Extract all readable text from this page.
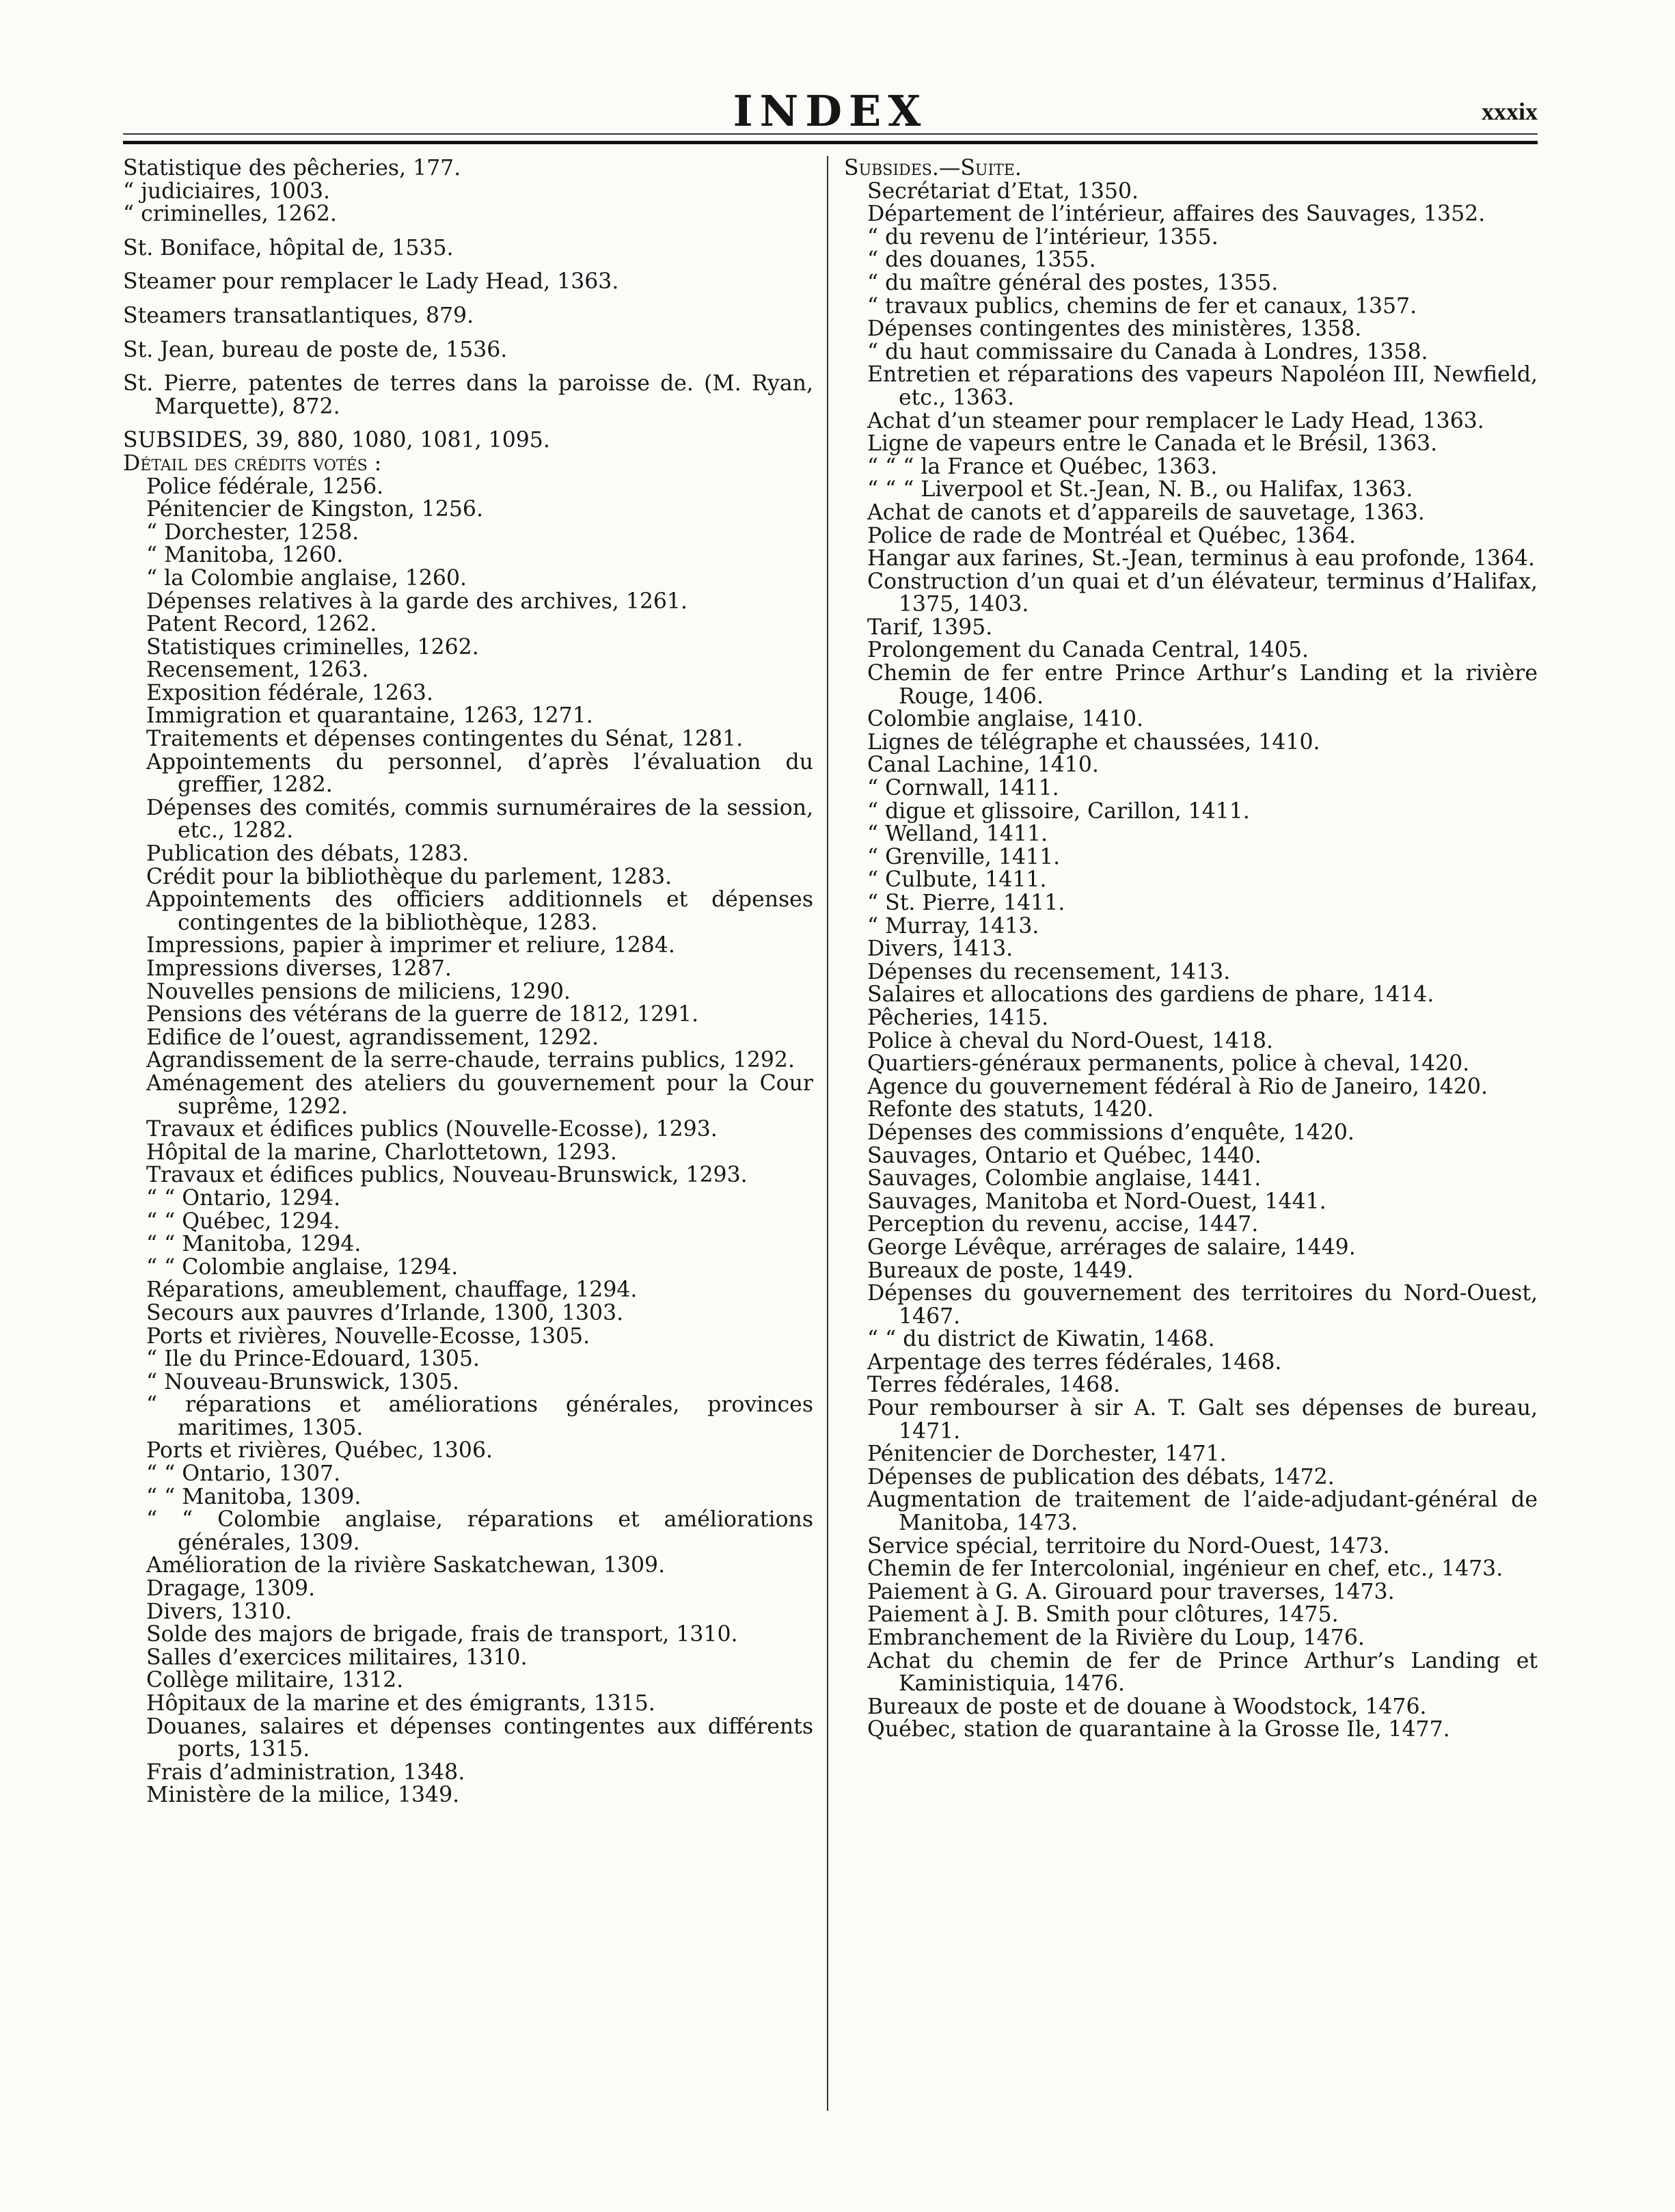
INDEX	xxxix

Statistique des pêcheries, 177.

“ judiciaires, 1003.

“ criminelles, 1262.

St. Boniface, hôpital de, 1535.

Steamer pour remplacer le Lady Head, 1363.

Steamers transatlantiques, 879.

St. Jean, bureau de poste de, 1536.

St. Pierre, patentes de terres dans la paroisse de. (M. Ryan, Marquette), 872.

SUBSIDES, 39, 880, 1080, 1081, 1095.

Détail des crédits votés :

Police fédérale, 1256.

Pénitencier de Kingston, 1256.

“ Dorchester, 1258.

“ Manitoba, 1260.

“ la Colombie anglaise, 1260.

Dépenses relatives à la garde des archives, 1261.

Patent Record, 1262.

Statistiques criminelles, 1262.

Recensement, 1263.

Exposition fédérale, 1263.

Immigration et quarantaine, 1263, 1271.

Traitements et dépenses contingentes du Sénat, 1281.

Appointements du personnel, d’après l’évaluation du greffier, 1282.

Dépenses des comités, commis surnuméraires de la session, etc., 1282.

Publication des débats, 1283.

Crédit pour la bibliothèque du parlement, 1283.

Appointements des officiers additionnels et dépenses contingentes de la bibliothèque, 1283.

Impressions, papier à imprimer et reliure, 1284.

Impressions diverses, 1287.

Nouvelles pensions de miliciens, 1290.

Pensions des vétérans de la guerre de 1812, 1291.

Edifice de l’ouest, agrandissement, 1292.

Agrandissement de la serre-chaude, terrains publics, 1292.

Aménagement des ateliers du gouvernement pour la Cour suprême, 1292.

Travaux et édifices publics (Nouvelle-Ecosse), 1293.

Hôpital de la marine, Charlottetown, 1293.

Travaux et édifices publics, Nouveau-Brunswick, 1293.

“ “ Ontario, 1294.

“ “ Québec, 1294.

“ “ Manitoba, 1294.

“ “ Colombie anglaise, 1294.

Réparations, ameublement, chauffage, 1294.

Secours aux pauvres d’Irlande, 1300, 1303.

Ports et rivières, Nouvelle-Ecosse, 1305.

“ Ile du Prince-Edouard, 1305.

“ Nouveau-Brunswick, 1305.

“ réparations et améliorations générales, provinces maritimes, 1305.

Ports et rivières, Québec, 1306.

“ “ Ontario, 1307.

“ “ Manitoba, 1309.

“ “ Colombie anglaise, réparations et améliorations générales, 1309.

Amélioration de la rivière Saskatchewan, 1309.

Dragage, 1309.

Divers, 1310.

Solde des majors de brigade, frais de transport, 1310.

Salles d’exercices militaires, 1310.

Collège militaire, 1312.

Hôpitaux de la marine et des émigrants, 1315.

Douanes, salaires et dépenses contingentes aux différents ports, 1315.

Frais d’administration, 1348.

Ministère de la milice, 1349.

Subsides.—Suite.

Secrétariat d’Etat, 1350.

Département de l’intérieur, affaires des Sauvages, 1352.

“ du revenu de l’intérieur, 1355.

“ des douanes, 1355.

“ du maître général des postes, 1355.

“ travaux publics, chemins de fer et canaux, 1357.

Dépenses contingentes des ministères, 1358.

“ du haut commissaire du Canada à Londres, 1358.

Entretien et réparations des vapeurs Napoléon III, Newfield, etc., 1363.

Achat d’un steamer pour remplacer le Lady Head, 1363.

Ligne de vapeurs entre le Canada et le Brésil, 1363.

“ “ “ la France et Québec, 1363.

“ “ “ Liverpool et St.-Jean, N. B., ou Halifax, 1363.

Achat de canots et d’appareils de sauvetage, 1363.

Police de rade de Montréal et Québec, 1364.

Hangar aux farines, St.-Jean, terminus à eau profonde, 1364.

Construction d’un quai et d’un élévateur, terminus d’Halifax, 1375, 1403.

Tarif, 1395.

Prolongement du Canada Central, 1405.

Chemin de fer entre Prince Arthur’s Landing et la rivière Rouge, 1406.

Colombie anglaise, 1410.

Lignes de télégraphe et chaussées, 1410.

Canal Lachine, 1410.

“ Cornwall, 1411.

“ digue et glissoire, Carillon, 1411.

“ Welland, 1411.

“ Grenville, 1411.

“ Culbute, 1411.

“ St. Pierre, 1411.

“ Murray, 1413.

Divers, 1413.

Dépenses du recensement, 1413.

Salaires et allocations des gardiens de phare, 1414.

Pêcheries, 1415.

Police à cheval du Nord-Ouest, 1418.

Quartiers-généraux permanents, police à cheval, 1420.

Agence du gouvernement fédéral à Rio de Janeiro, 1420.

Refonte des statuts, 1420.

Dépenses des commissions d’enquête, 1420.

Sauvages, Ontario et Québec, 1440.

Sauvages, Colombie anglaise, 1441.

Sauvages, Manitoba et Nord-Ouest, 1441.

Perception du revenu, accise, 1447.

George Lévêque, arrérages de salaire, 1449.

Bureaux de poste, 1449.

Dépenses du gouvernement des territoires du Nord-Ouest, 1467.

“ “ du district de Kiwatin, 1468.

Arpentage des terres fédérales, 1468.

Terres fédérales, 1468.

Pour rembourser à sir A. T. Galt ses dépenses de bureau, 1471.

Pénitencier de Dorchester, 1471.

Dépenses de publication des débats, 1472.

Augmentation de traitement de l’aide-adjudant-général de Manitoba, 1473.

Service spécial, territoire du Nord-Ouest, 1473.

Chemin de fer Intercolonial, ingénieur en chef, etc., 1473.

Paiement à G. A. Girouard pour traverses, 1473.

Paiement à J. B. Smith pour clôtures, 1475.

Embranchement de la Rivière du Loup, 1476.

Achat du chemin de fer de Prince Arthur’s Landing et Kaministiquia, 1476.

Bureaux de poste et de douane à Woodstock, 1476.

Québec, station de quarantaine à la Grosse Ile, 1477.
